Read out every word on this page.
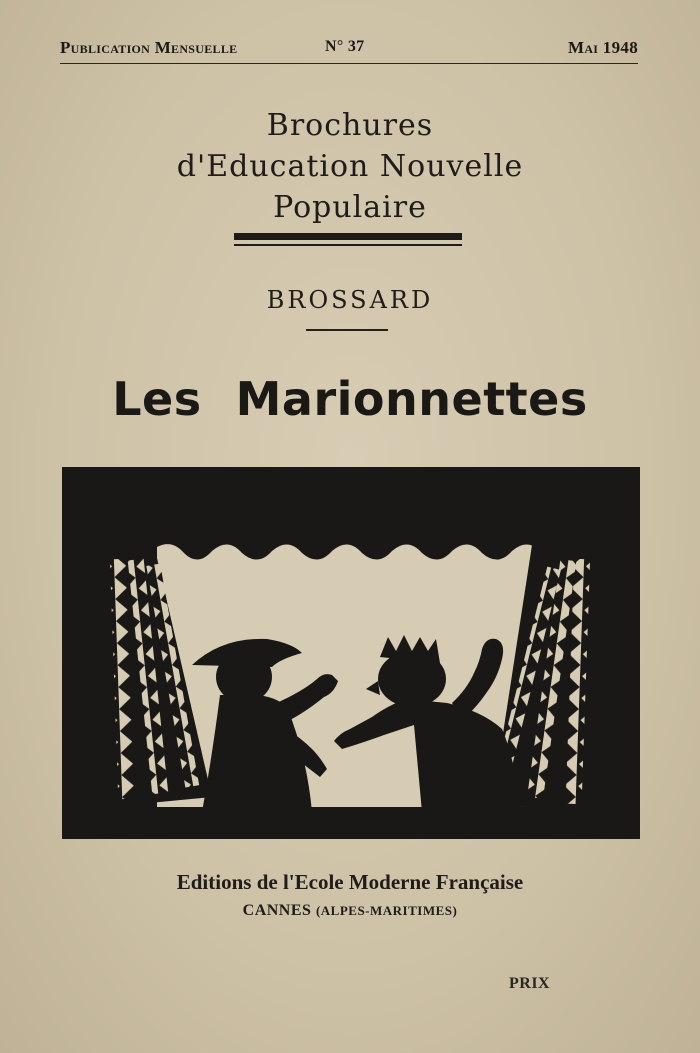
Publication Mensuelle	N° 37	Mai 1948
Brochures
d'Education Nouvelle
Populaire
BROSSARD
Les Marionnettes
Editions de l'Ecole Moderne Française
CANNES (ALPES-MARITIMES)
PRIX
